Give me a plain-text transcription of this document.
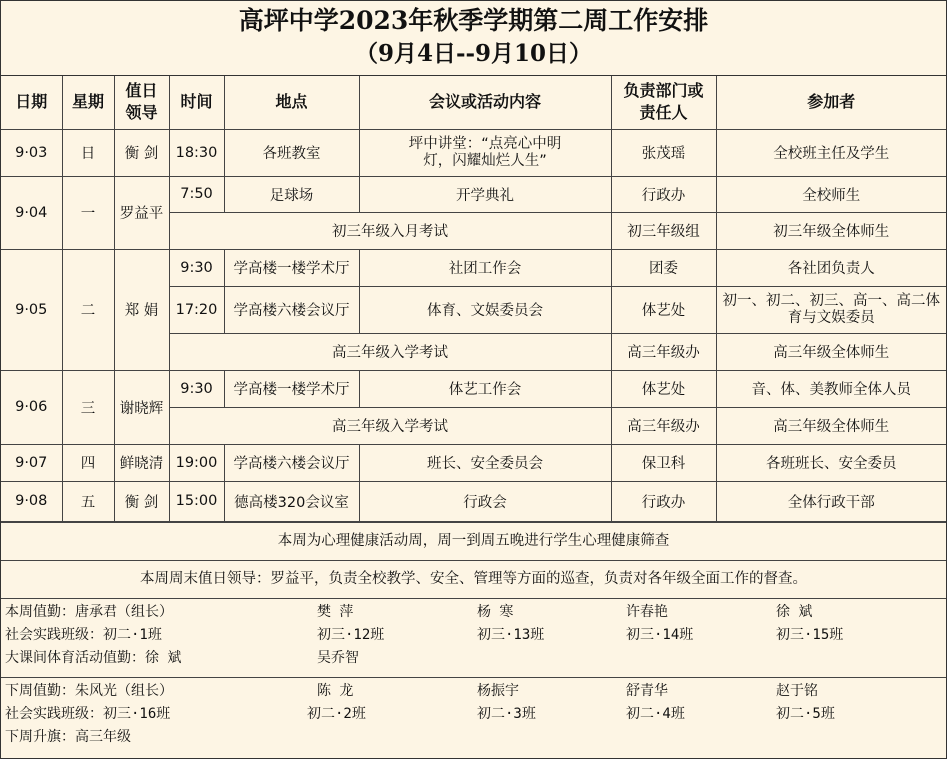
高坪中学2023年秋季学期第二周工作安排
（9月4日--9月10日）
日期	星期	值日领导	时间	地点	会议或活动内容	负责部门或责任人	参加者
9·03	日	衡 剑	18:30	各班教室	坪中讲堂：“点亮心中明灯，闪耀灿烂人生”	张茂瑶	全校班主任及学生
9·04	一	罗益平	7:50	足球场	开学典礼	行政办	全校师生
			初三年级入月考试			初三年级组	初三年级全体师生
9·05	二	郑 娟	9:30	学高楼一楼学术厅	社团工作会	团委	各社团负责人
			17:20	学高楼六楼会议厅	体育、文娱委员会	体艺处	初一、初二、初三、高一、高二体育与文娱委员
			高三年级入学考试			高三年级办	高三年级全体师生
9·06	三	谢晓辉	9:30	学高楼一楼学术厅	体艺工作会	体艺处	音、体、美教师全体人员
			高三年级入学考试			高三年级办	高三年级全体师生
9·07	四	鲜晓清	19:00	学高楼六楼会议厅	班长、安全委员会	保卫科	各班班长、安全委员
9·08	五	衡 剑	15:00	德高楼320会议室	行政会	行政办	全体行政干部
本周为心理健康活动周，周一到周五晚进行学生心理健康筛查
本周周末值日领导：罗益平，负责全校教学、安全、管理等方面的巡查，负责对各年级全面工作的督查。
本周值勤：唐承君（组长）	樊 萍	杨 寒	许春艳	徐 斌
社会实践班级：初二·1班	初三·12班	初三·13班	初三·14班	初三·15班
大课间体育活动值勤：徐 斌	吴乔智
下周值勤：朱风光（组长）	陈 龙	杨振宇	舒青华	赵于铭
社会实践班级：初三·16班	初二·2班	初二·3班	初二·4班	初二·5班
下周升旗：高三年级
